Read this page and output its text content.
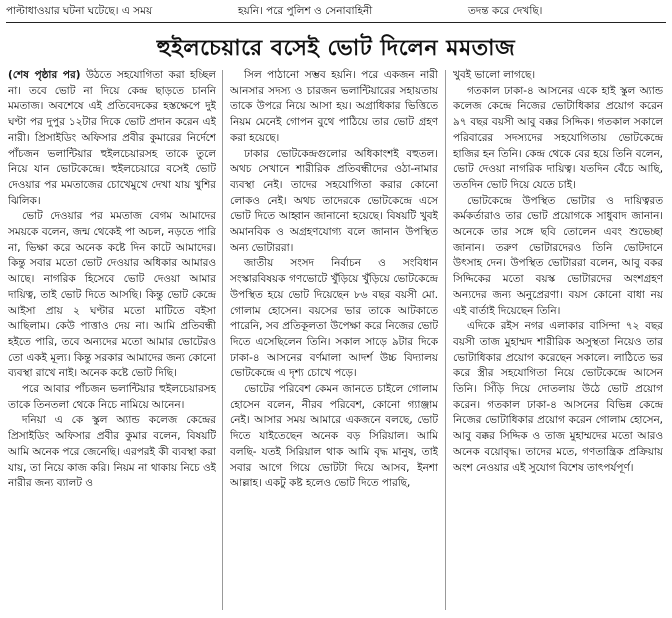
পাল্টাধাওয়ার ঘটনা ঘটেছে। এ সময়	হয়নি। পরে পুলিশ ও সেনাবাহিনী	তদন্ত করে দেখছি।
হুইলচেয়ারে বসেই ভোট দিলেন মমতাজ

(শেষ পৃষ্ঠার পর) উঠতে সহযোগিতা করা হচ্ছিল না। তবে ভোট না দিয়ে কেন্দ্র ছাড়তে চাননি মমতাজ। অবশেষে এই প্রতিবেদকের হস্তক্ষেপে দুই ঘণ্টা পর দুপুর ১২টার দিকে ভোট প্রদান করেন এই নারী। প্রিসাইডিং অফিসার প্রবীর কুমারের নির্দেশে পাঁচজন ভলান্টিয়ার হুইলচেয়ারসহ তাকে তুলে নিয়ে যান ভোটকেন্দ্রে। হুইলচেয়ারে বসেই ভোট দেওয়ার পর মমতাজের চোখেমুখে দেখা যায় খুশির ঝিলিক।

ভোট দেওয়ার পর মমতাজ বেগম আমাদের সময়কে বলেন, জন্ম থেকেই পা অচল, নড়তে পারি না, ভিক্ষা করে অনেক কষ্টে দিন কাটে আমাদের। কিন্তু সবার মতো ভোট দেওয়ার অধিকার আমারও আছে। নাগরিক হিসেবে ভোট দেওয়া আমার দায়িত্ব, তাই ভোট দিতে আসছি। কিন্তু ভোট কেন্দ্রে আইসা প্রায় ২ ঘণ্টার মতো মাটিতে বইসা আছিলাম। কেউ পাত্তাও দেয় না। আমি প্রতিবন্ধী হইতে পারি, তবে অন্যদের মতো আমার ভোটেরও তো একই মূল্য। কিন্তু সরকার আমাদের জন্য কোনো ব্যবস্থা রাখে নাই। অনেক কষ্টে ভোট দিছি।

পরে আবার পাঁচজন ভলান্টিয়ার হুইলচেয়ারসহ তাকে তিনতলা থেকে নিচে নামিয়ে আনেন।

দনিয়া এ কে স্কুল অ্যান্ড কলেজ কেন্দ্রের প্রিসাইডিং অফিসার প্রবীর কুমার বলেন, বিষয়টি আমি অনেক পরে জেনেছি। এরপরই কী ব্যবস্থা করা যায়, তা নিয়ে কাজ করি। নিয়ম না থাকায় নিচে ওই নারীর জন্য ব্যালট ও

সিল পাঠানো সম্ভব হয়নি। পরে একজন নারী আনসার সদস্য ও চারজন ভলান্টিয়ারের সহায়তায় তাকে উপরে নিয়ে আসা হয়। অগ্রাধিকার ভিত্তিতে নিয়ম মেনেই গোপন বুথে পাঠিয়ে তার ভোট গ্রহণ করা হয়েছে।

ঢাকার ভোটকেন্দ্রগুলোর অধিকাংশই বহুতল। অথচ সেখানে শারীরিক প্রতিবন্ধীদের ওঠা-নামার ব্যবস্থা নেই। তাদের সহযোগিতা করার কোনো লোকও নেই। অথচ তাদেরকে ভোটকেন্দ্রে এসে ভোট দিতে আহ্বান জানানো হয়েছে। বিষয়টি খুবই অমানবিক ও অগ্রহণযোগ্য বলে জানান উপস্থিত অন্য ভোটাররা।

জাতীয় সংসদ নির্বাচন ও সংবিধান সংস্কারবিষয়ক গণভোটে খুঁড়িয়ে খুঁড়িয়ে ভোটকেন্দ্রে উপস্থিত হয়ে ভোট দিয়েছেন ৮৬ বছর বয়সী মো. গোলাম হোসেন। বয়সের ভার তাকে আটকাতে পারেনি, সব প্রতিকূলতা উপেক্ষা করে নিজের ভোট দিতে এসেছিলেন তিনি। সকাল সাড়ে ৯টার দিকে ঢাকা-৪ আসনের বর্ণমালা আদর্শ উচ্চ বিদ্যালয় ভোটকেন্দ্রে এ দৃশ্য চোখে পড়ে।

ভোটের পরিবেশ কেমন জানতে চাইলে গোলাম হোসেন বলেন, নীরব পরিবেশ, কোনো গ্যাঞ্জাম নেই। আসার সময় আমারে একজনে বলছে, ভোট দিতে যাইতেছেন অনেক বড় সিরিয়াল। আমি বলছি- যতই সিরিয়াল থাক আমি বৃদ্ধ মানুষ, তাই সবার আগে গিয়ে ভোটটা দিয়ে আসব, ইনশা আল্লাহ। একটু কষ্ট হলেও ভোট দিতে পারছি,

খুবই ভালো লাগছে।

গতকাল ঢাকা-৪ আসনের একে হাই স্কুল অ্যান্ড কলেজ কেন্দ্রে নিজের ভোটাধিকার প্রয়োগ করেন ৯৭ বছর বয়সী আবু বক্কর সিদ্দিক। গতকাল সকালে পরিবারের সদস্যদের সহযোগিতায় ভোটকেন্দ্রে হাজির হন তিনি। কেন্দ্র থেকে বের হয়ে তিনি বলেন, ভোট দেওয়া নাগরিক দায়িত্ব। যতদিন বেঁচে আছি, ততদিন ভোট দিয়ে যেতে চাই।

ভোটকেন্দ্রে উপস্থিত ভোটার ও দায়িত্বরত কর্মকর্তারাও তার ভোট প্রয়োগকে সাধুবাদ জানান। অনেকে তার সঙ্গে ছবি তোলেন এবং শুভেচ্ছা জানান। তরুণ ভোটারদেরও তিনি ভোটদানে উৎসাহ দেন। উপস্থিত ভোটাররা বলেন, আবু বকর সিদ্দিকের মতো বয়স্ক ভোটারদের অংশগ্রহণ অন্যদের জন্য অনুপ্রেরণা। বয়স কোনো বাধা নয় এই বার্তাই দিয়েছেন তিনি।

এদিকে রইস নগর এলাকার বাসিন্দা ৭২ বছর বয়সী তাজ মুহাম্মদ শারীরিক অসুস্থতা নিয়েও তার ভোটাধিকার প্রয়োগ করেছেন সকালে। লাঠিতে ভর করে স্ত্রীর সহযোগিতা নিয়ে ভোটকেন্দ্রে আসেন তিনি। সিঁড়ি দিয়ে দোতলায় উঠে ভোট প্রয়োগ করেন। গতকাল ঢাকা-৪ আসনের বিভিন্ন কেন্দ্রে নিজের ভোটাধিকার প্রয়োগ করেন গোলাম হোসেন, আবু বক্কর সিদ্দিক ও তাজ মুহাম্মদের মতো আরও অনেক বয়োবৃদ্ধ। তাদের মতে, গণতান্ত্রিক প্রক্রিয়ায় অংশ নেওয়ার এই সুযোগ বিশেষ তাৎপর্যপূর্ণ।
